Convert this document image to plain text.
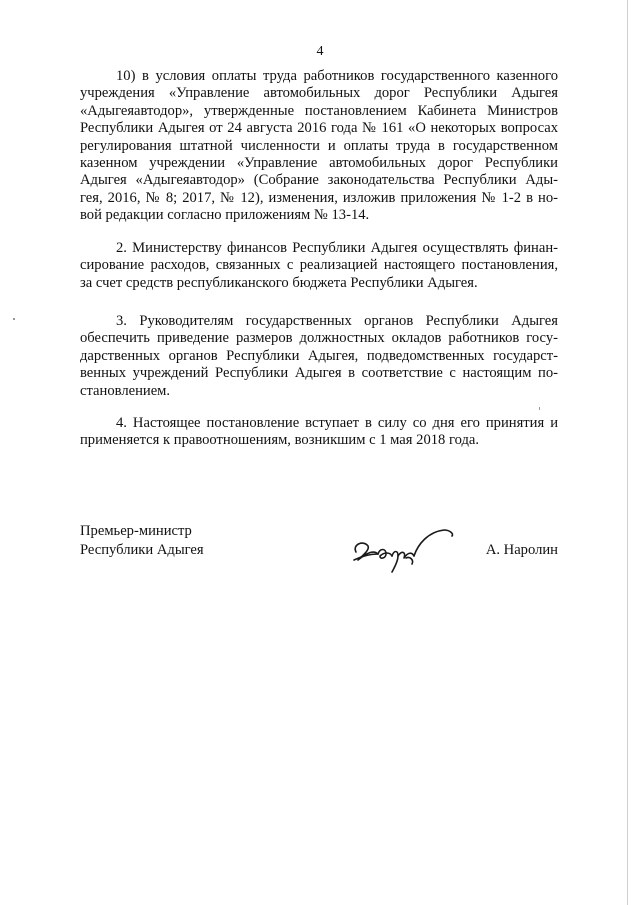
4
10) в условия оплаты труда работников государственного казенного
учреждения «Управление автомобильных дорог Республики Адыгея
«Адыгеяавтодор», утвержденные постановлением Кабинета Министров
Республики Адыгея от 24 августа 2016 года № 161 «О некоторых вопросах
регулирования штатной численности и оплаты труда в государственном
казенном учреждении «Управление автомобильных дорог Республики
Адыгея «Адыгеяавтодор» (Собрание законодательства Республики Ады-
гея, 2016, № 8; 2017, № 12), изменения, изложив приложения № 1-2 в но-
вой редакции согласно приложениям № 13-14.
2. Министерству финансов Республики Адыгея осуществлять финан-
сирование расходов, связанных с реализацией настоящего постановления,
за счет средств республиканского бюджета Республики Адыгея.
3. Руководителям государственных органов Республики Адыгея
обеспечить приведение размеров должностных окладов работников госу-
дарственных органов Республики Адыгея, подведомственных государст-
венных учреждений Республики Адыгея в соответствие с настоящим по-
становлением.
4. Настоящее постановление вступает в силу со дня его принятия и
применяется к правоотношениям, возникшим с 1 мая 2018 года.
Премьер-министр
Республики Адыгея	А. Наролин
